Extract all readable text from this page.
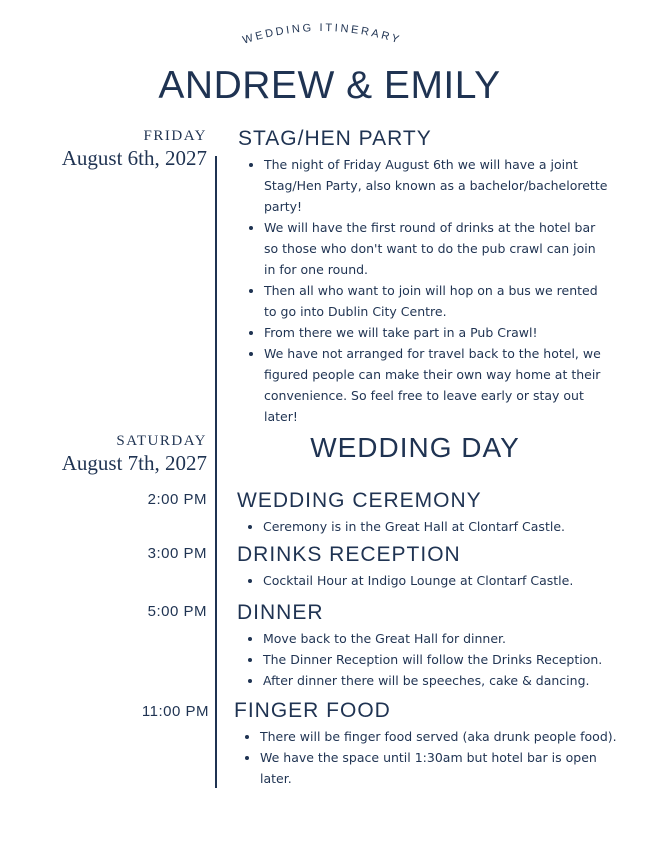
WEDDING ITINERARY
ANDREW & EMILY
FRIDAY
August 6th, 2027
STAG/HEN PARTY
• The night of Friday August 6th we will have a joint Stag/Hen Party, also known as a bachelor/bachelorette party!
• We will have the first round of drinks at the hotel bar so those who don't want to do the pub crawl can join in for one round.
• Then all who want to join will hop on a bus we rented to go into Dublin City Centre.
• From there we will take part in a Pub Crawl!
• We have not arranged for travel back to the hotel, we figured people can make their own way home at their convenience. So feel free to leave early or stay out later!
SATURDAY
August 7th, 2027	WEDDING DAY
2:00 PM WEDDING CEREMONY
• Ceremony is in the Great Hall at Clontarf Castle.
3:00 PM DRINKS RECEPTION
• Cocktail Hour at Indigo Lounge at Clontarf Castle.
5:00 PM DINNER
• Move back to the Great Hall for dinner.
• The Dinner Reception will follow the Drinks Reception.
• After dinner there will be speeches, cake & dancing.
11:00 PM FINGER FOOD
• There will be finger food served (aka drunk people food).
• We have the space until 1:30am but hotel bar is open later.
